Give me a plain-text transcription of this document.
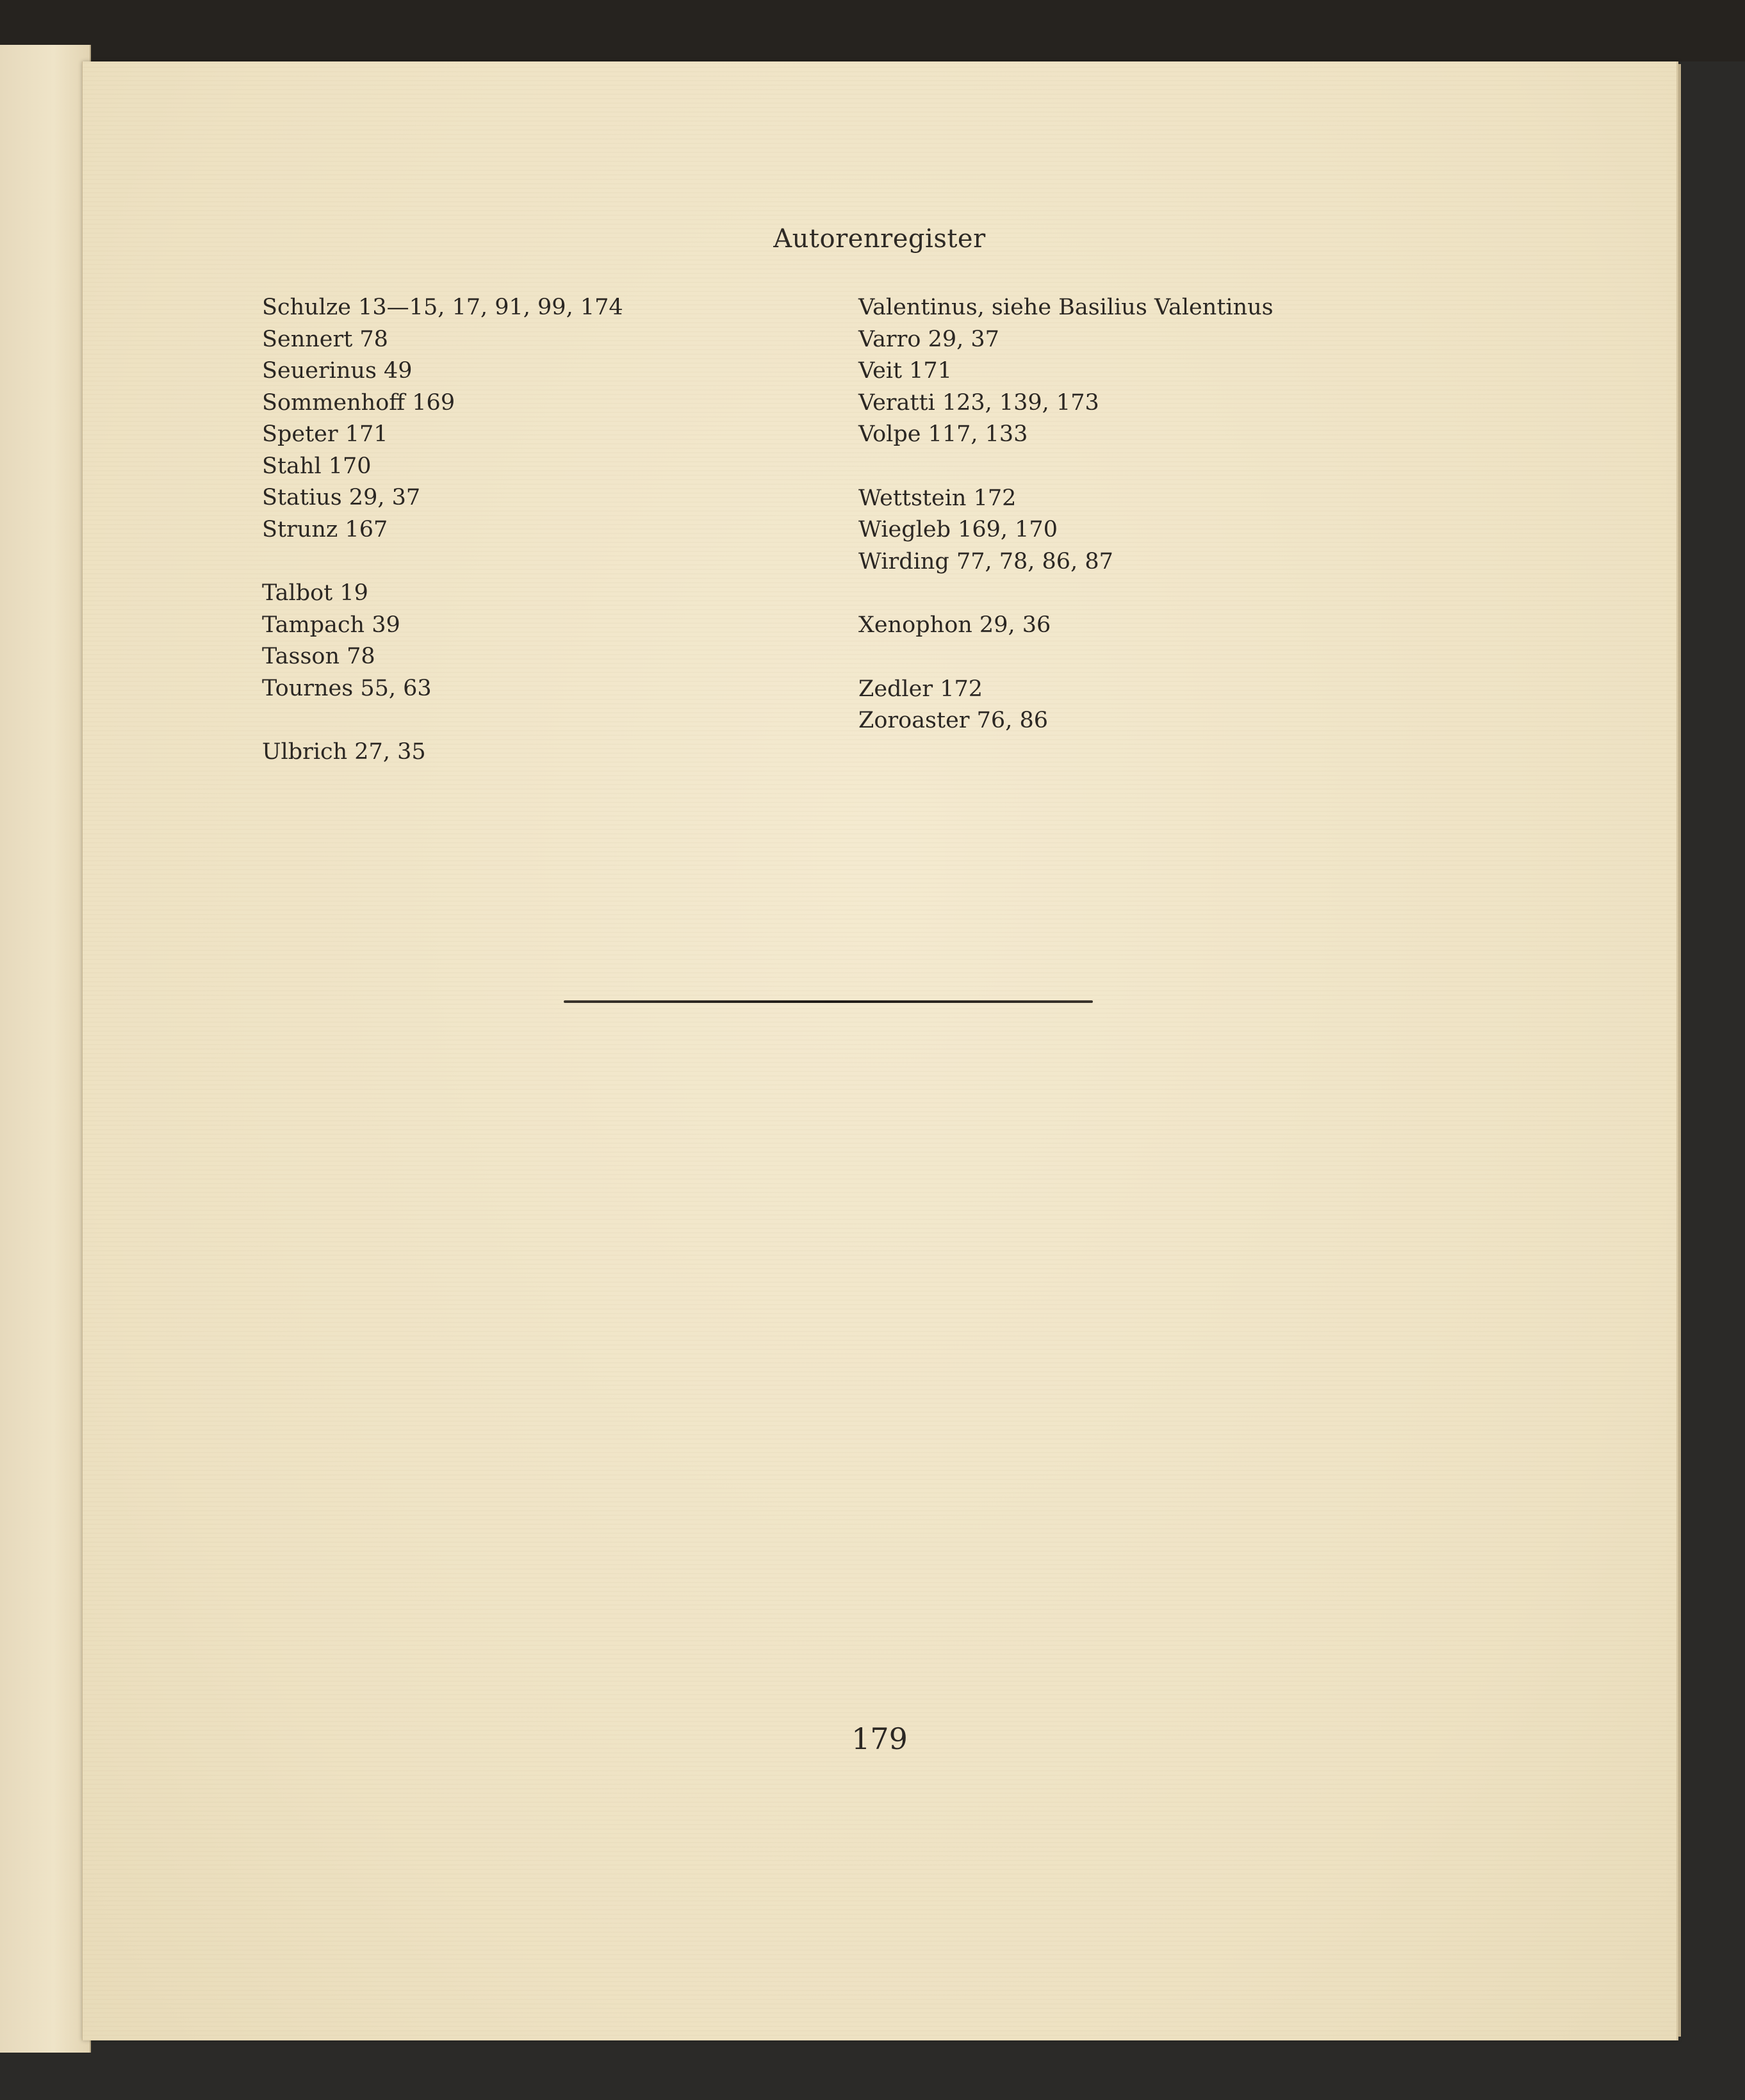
Autorenregister
Schulze 13—15, 17, 91, 99, 174
Sennert 78
Seuerinus 49
Sommenhoff 169
Speter 171
Stahl 170
Statius 29, 37
Strunz 167
Talbot 19
Tampach 39
Tasson 78
Tournes 55, 63
Ulbrich 27, 35
Valentinus, siehe Basilius Valentinus
Varro 29, 37
Veit 171
Veratti 123, 139, 173
Volpe 117, 133
Wettstein 172
Wiegleb 169, 170
Wirding 77, 78, 86, 87
Xenophon 29, 36
Zedler 172
Zoroaster 76, 86
179
